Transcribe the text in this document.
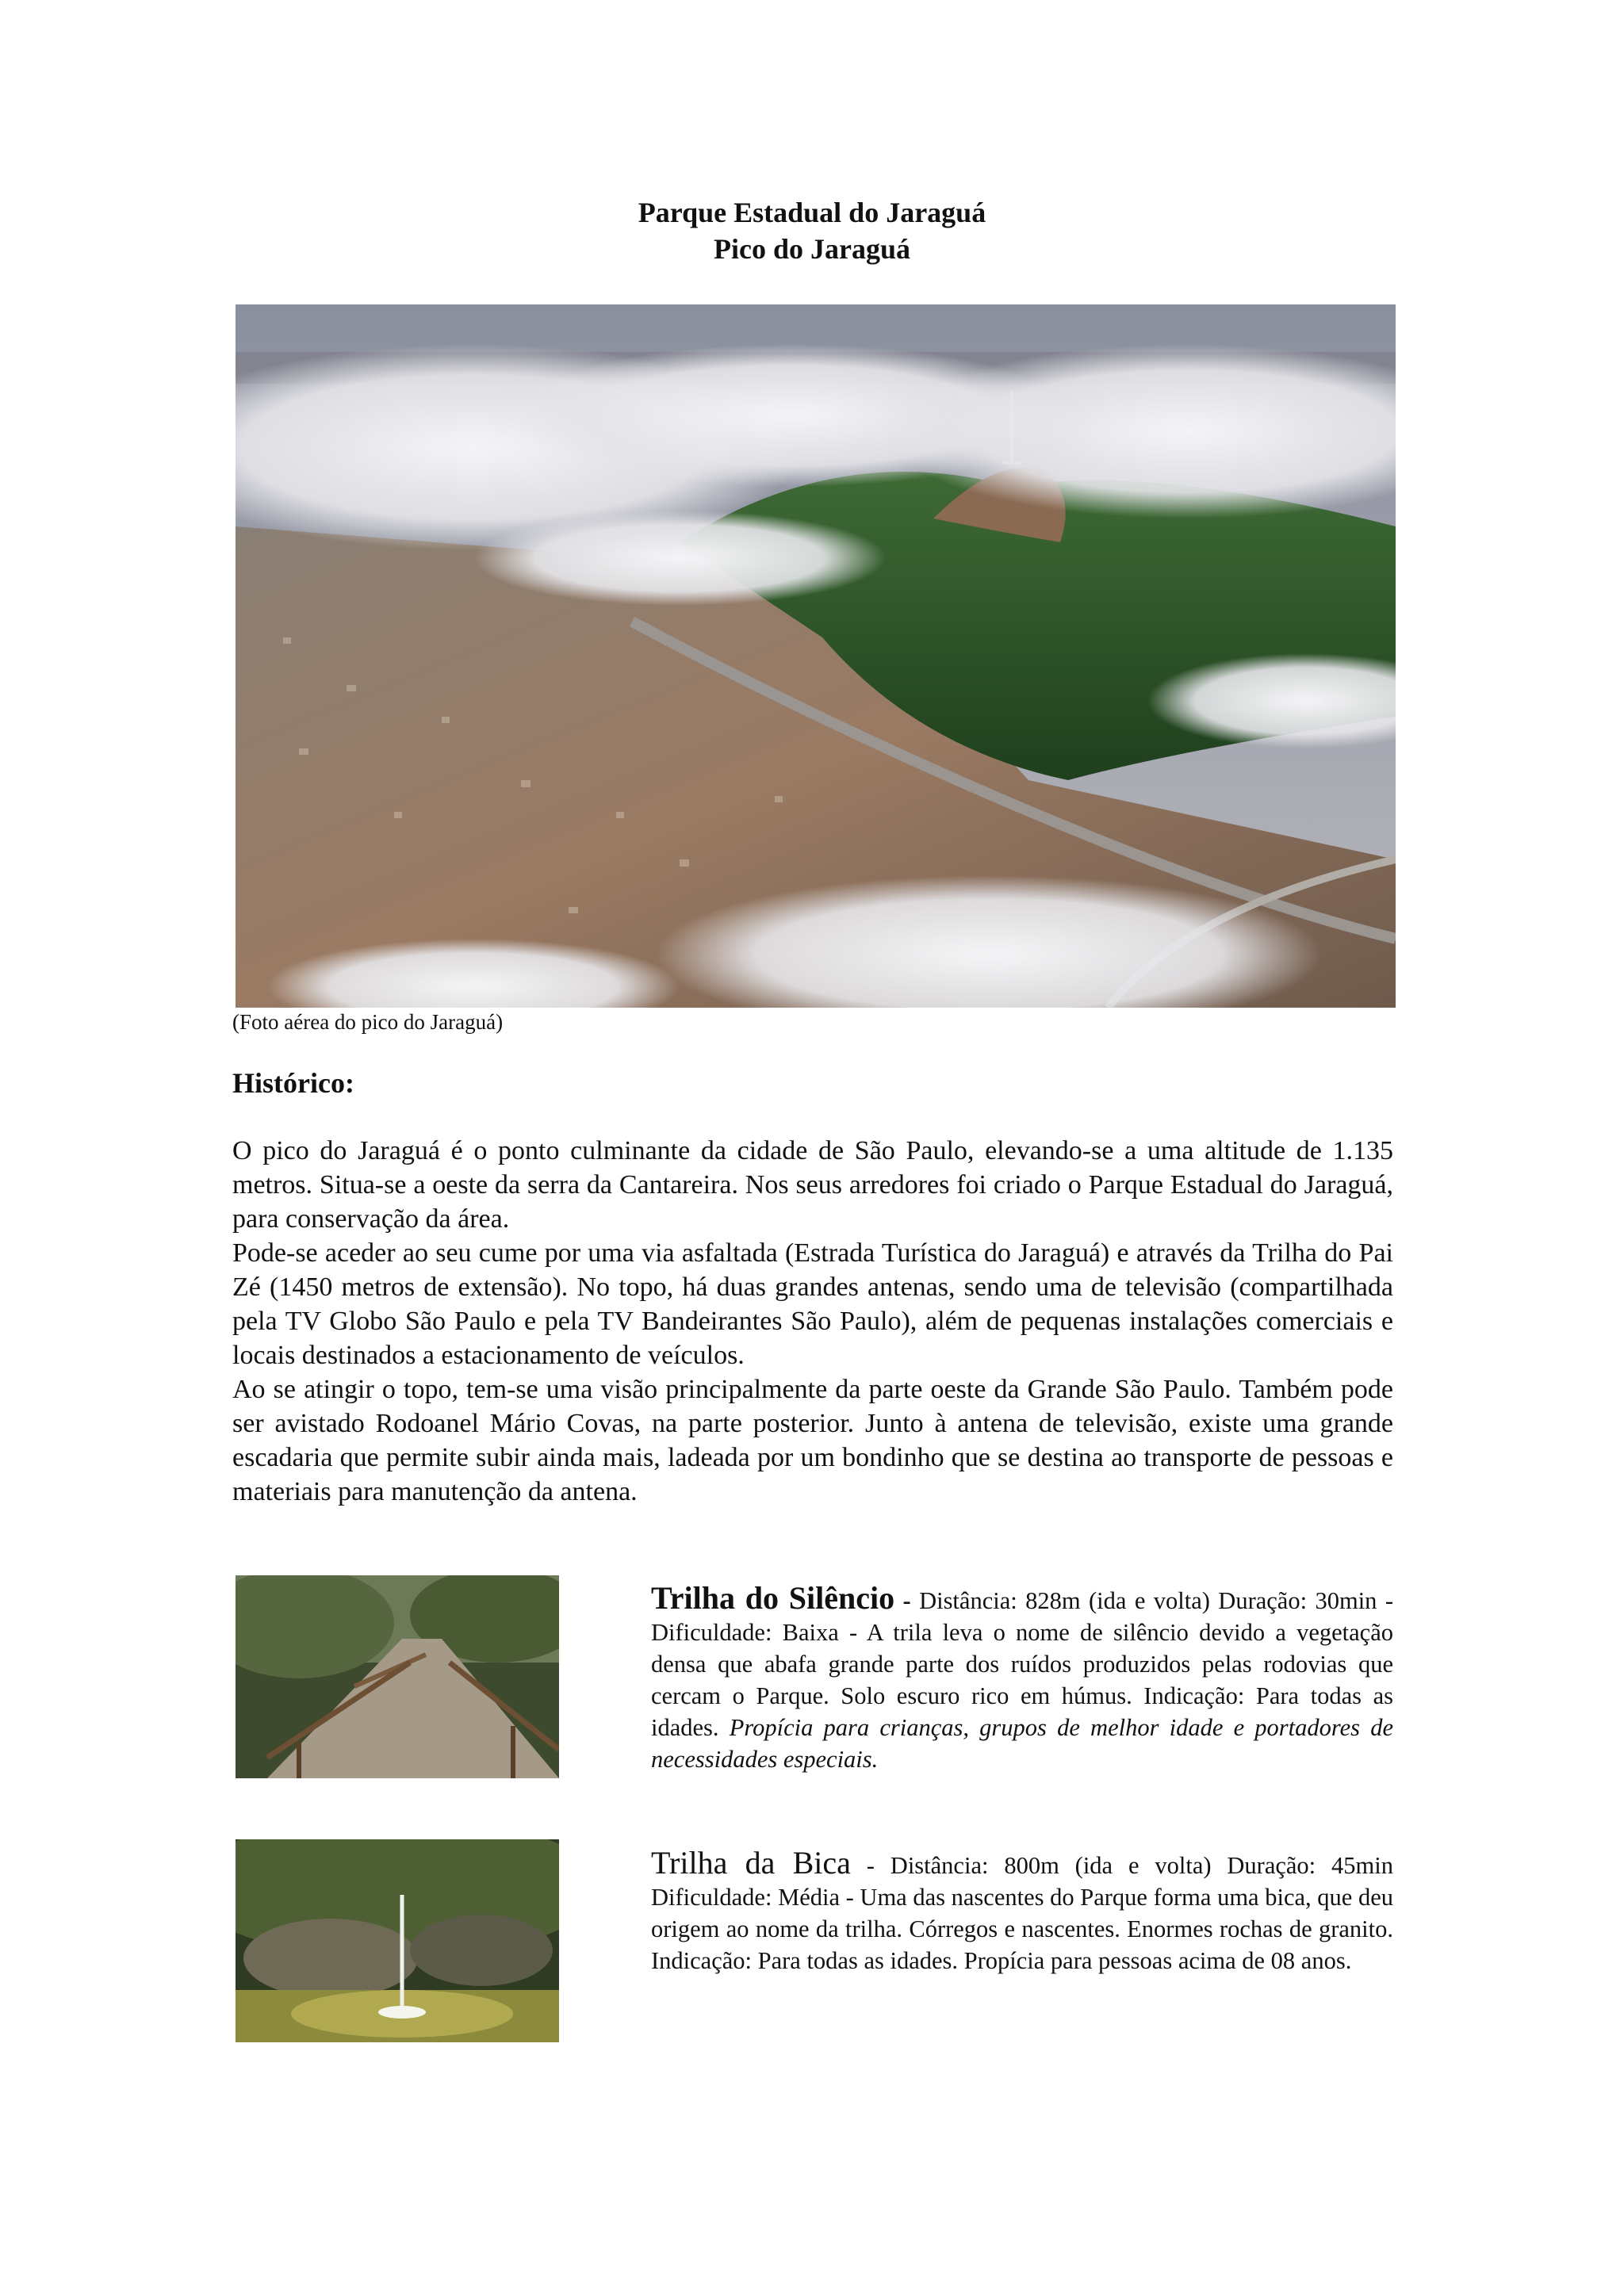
Parque Estadual do Jaraguá
Pico do Jaraguá
(Foto aérea do pico do Jaraguá)
Histórico:

O pico do Jaraguá é o ponto culminante da cidade de São Paulo, elevando-se a uma altitude de 1.135 metros. Situa-se a oeste da serra da Cantareira. Nos seus arredores foi criado o Parque Estadual do Jaraguá, para conservação da área.

Pode-se aceder ao seu cume por uma via asfaltada (Estrada Turística do Jaraguá) e através da Trilha do Pai Zé (1450 metros de extensão). No topo, há duas grandes antenas, sendo uma de televisão (compartilhada pela TV Globo São Paulo e pela TV Bandeirantes São Paulo), além de pequenas instalações comerciais e locais destinados a estacionamento de veículos.

Ao se atingir o topo, tem-se uma visão principalmente da parte oeste da Grande São Paulo. Também pode ser avistado Rodoanel Mário Covas, na parte posterior. Junto à antena de televisão, existe uma grande escadaria que permite subir ainda mais, ladeada por um bondinho que se destina ao transporte de pessoas e materiais para manutenção da antena.

Trilha do Silêncio - Distância: 828m (ida e volta) Duração: 30min - Dificuldade: Baixa - A trila leva o nome de silêncio devido a vegetação densa que abafa grande parte dos ruídos produzidos pelas rodovias que cercam o Parque. Solo escuro rico em húmus. Indicação: Para todas as idades. Propícia para crianças, grupos de melhor idade e portadores de necessidades especiais.
Trilha da Bica - Distância: 800m (ida e volta) Duração: 45min Dificuldade: Média - Uma das nascentes do Parque forma uma bica, que deu origem ao nome da trilha. Córregos e nascentes. Enormes rochas de granito. Indicação: Para todas as idades. Propícia para pessoas acima de 08 anos.
